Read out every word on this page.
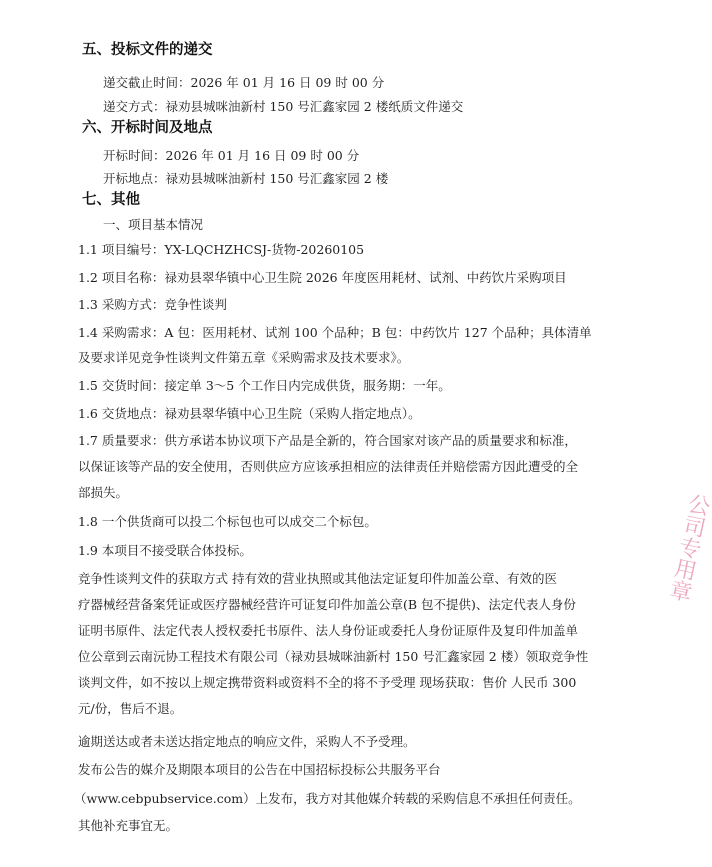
五、投标文件的递交
递交截止时间：2026 年 01 月 16 日 09 时 00 分
递交方式：禄劝县城咪油新村 150 号汇鑫家园 2 楼纸质文件递交
六、开标时间及地点
开标时间：2026 年 01 月 16 日 09 时 00 分
开标地点：禄劝县城咪油新村 150 号汇鑫家园 2 楼
七、其他
一、项目基本情况
1.1 项目编号：YX-LQCHZHCSJ-货物-20260105
1.2 项目名称：禄劝县翠华镇中心卫生院 2026 年度医用耗材、试剂、中药饮片采购项目
1.3 采购方式：竞争性谈判
1.4 采购需求：A 包：医用耗材、试剂 100 个品种；B 包：中药饮片 127 个品种；具体清单
及要求详见竞争性谈判文件第五章《采购需求及技术要求》。
1.5 交货时间：接定单 3～5 个工作日内完成供货，服务期：一年。
1.6 交货地点：禄劝县翠华镇中心卫生院（采购人指定地点）。
1.7 质量要求：供方承诺本协议项下产品是全新的，符合国家对该产品的质量要求和标准，
以保证该等产品的安全使用，否则供应方应该承担相应的法律责任并赔偿需方因此遭受的全
部损失。
1.8 一个供货商可以投二个标包也可以成交二个标包。
1.9 本项目不接受联合体投标。
竞争性谈判文件的获取方式 持有效的营业执照或其他法定证复印件加盖公章、有效的医
疗器械经营备案凭证或医疗器械经营许可证复印件加盖公章(B 包不提供)、法定代表人身份
证明书原件、法定代表人授权委托书原件、法人身份证或委托人身份证原件及复印件加盖单
位公章到云南沅协工程技术有限公司（禄劝县城咪油新村 150 号汇鑫家园 2 楼）领取竞争性
谈判文件，如不按以上规定携带资料或资料不全的将不予受理 现场获取：售价 人民币 300
元/份，售后不退。
逾期送达或者未送达指定地点的响应文件，采购人不予受理。
发布公告的媒介及期限本项目的公告在中国招标投标公共服务平台
（www.cebpubservice.com）上发布，我方对其他媒介转载的采购信息不承担任何责任。
其他补充事宜无。
公司专用章
